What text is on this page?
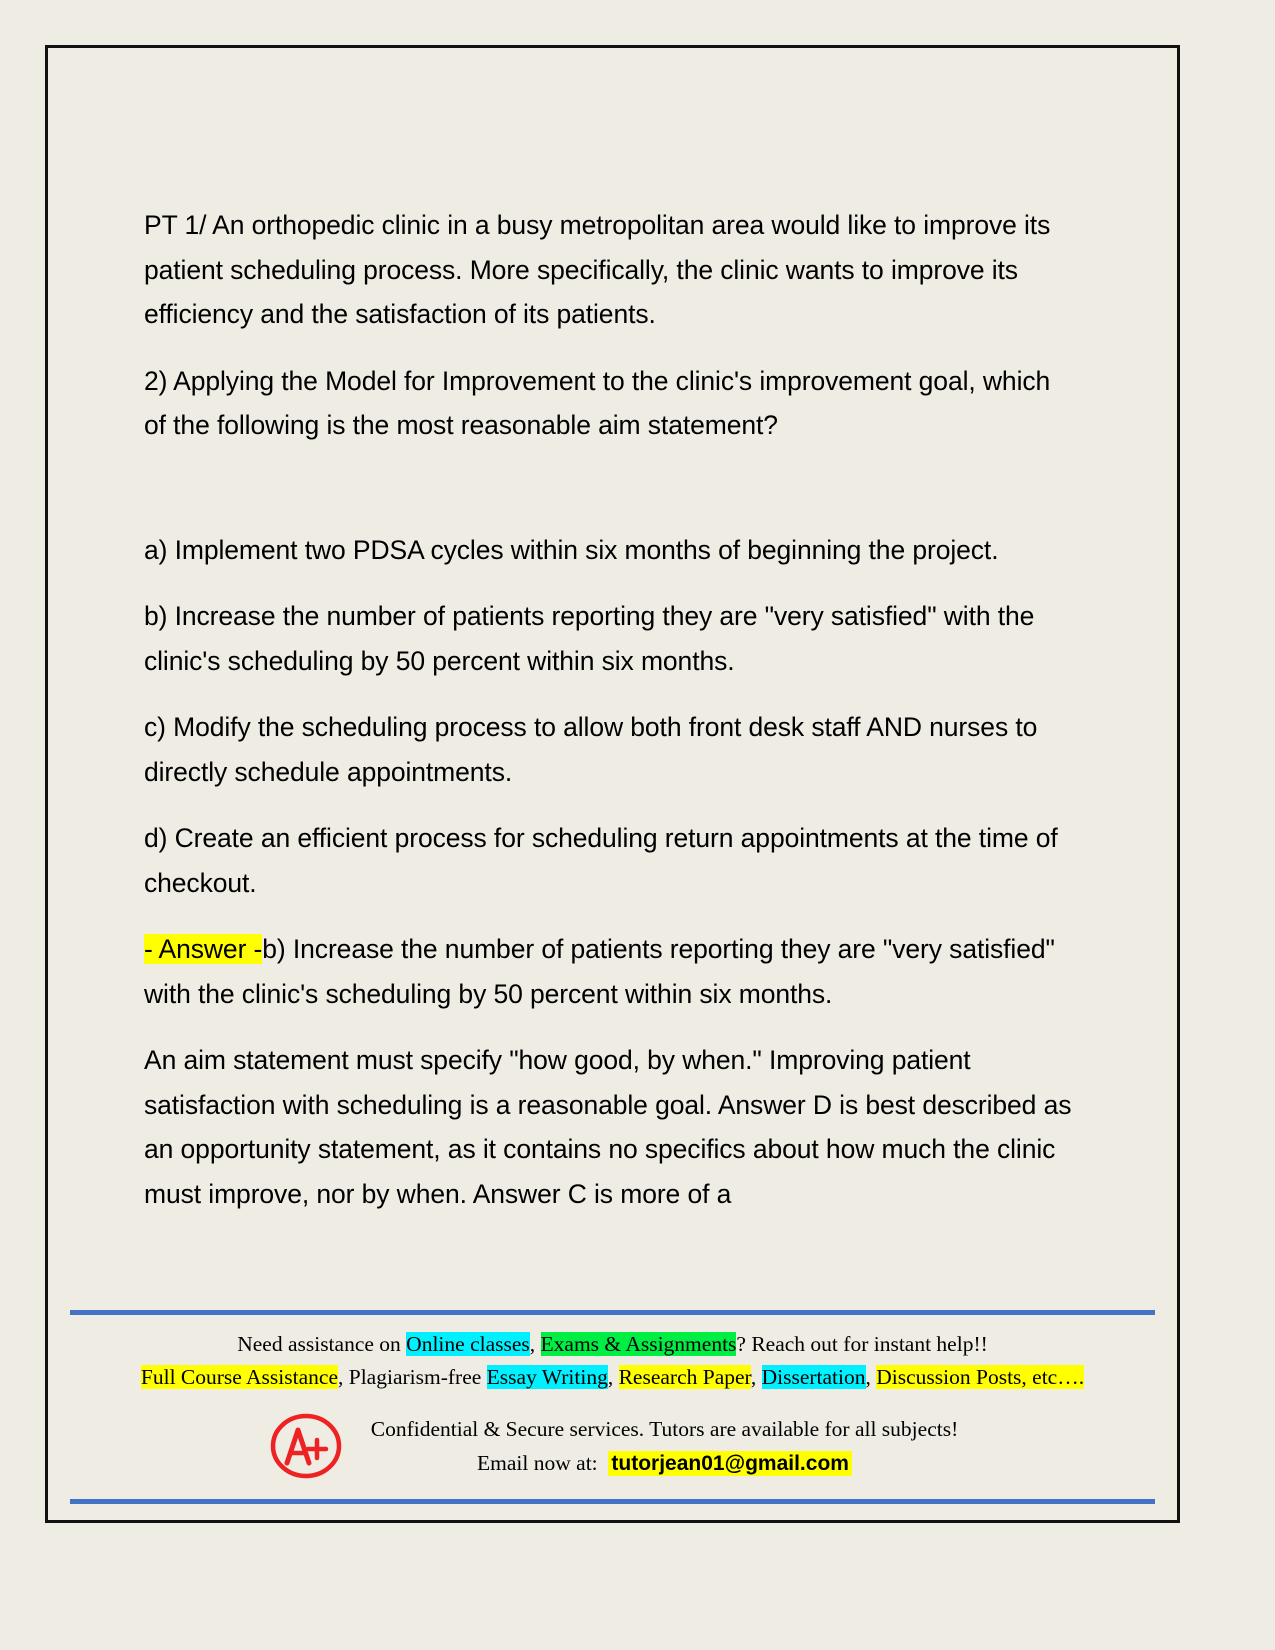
PT 1/ An orthopedic clinic in a busy metropolitan area would like to improve its patient scheduling process. More specifically, the clinic wants to improve its efficiency and the satisfaction of its patients.

2) Applying the Model for Improvement to the clinic's improvement goal, which of the following is the most reasonable aim statement?

a) Implement two PDSA cycles within six months of beginning the project.

b) Increase the number of patients reporting they are "very satisfied" with the clinic's scheduling by 50 percent within six months.

c) Modify the scheduling process to allow both front desk staff AND nurses to directly schedule appointments.

d) Create an efficient process for scheduling return appointments at the time of checkout.

- Answer -b) Increase the number of patients reporting they are "very satisfied" with the clinic's scheduling by 50 percent within six months.

An aim statement must specify "how good, by when." Improving patient satisfaction with scheduling is a reasonable goal. Answer D is best described as an opportunity statement, as it contains no specifics about how much the clinic must improve, nor by when. Answer C is more of a

Need assistance on Online classes, Exams & Assignments? Reach out for instant help!!
Full Course Assistance, Plagiarism-free Essay Writing, Research Paper, Dissertation, Discussion Posts, etc….
Confidential & Secure services. Tutors are available for all subjects!
Email now at: tutorjean01@gmail.com
